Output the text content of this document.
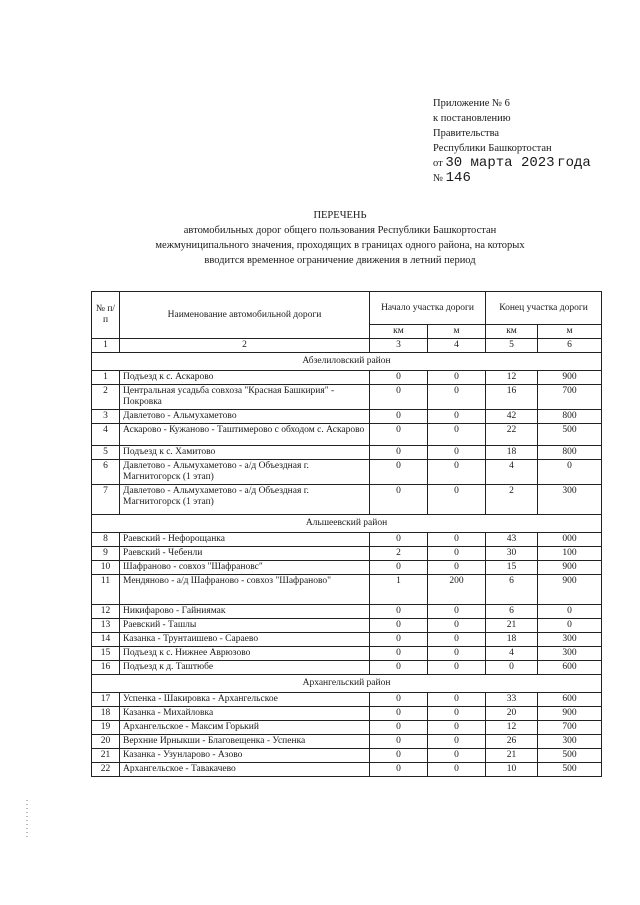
Приложение № 6
к постановлению
Правительства
Республики Башкортостан
от 30 марта 2023 года
№ 146
ПЕРЕЧЕНЬ
автомобильных дорог общего пользования Республики Башкортостан
межмуниципального значения, проходящих в границах одного района, на которых
вводится временное ограничение движения в летний период
№ п/п	Наименование автомобильной дороги	Начало участка дороги		Конец участка дороги	
		км	м	км	м
1	2	3	4	5	6
Абзелиловский район					
1	Подъезд к с. Аскарово	0	0	12	900
2	Центральная усадьба совхоза "Красная Башкирия" - Покровка	0	0	16	700
3	Давлетово - Альмухаметово	0	0	42	800
4	Аскарово - Кужаново - Таштимерово с обходом с. Аскарово	0	0	22	500
5	Подъезд к с. Хамитово	0	0	18	800
6	Давлетово - Альмухаметово - а/д Объездная г. Магнитогорск (1 этап)	0	0	4	0
7	Давлетово - Альмухаметово - а/д Объездная г. Магнитогорск (1 этап)	0	0	2	300
Альшеевский район					
8	Раевский - Нефорощанка	0	0	43	000
9	Раевский - Чебенли	2	0	30	100
10	Шафраново - совхоз "Шафрановс"	0	0	15	900
11	Мендяново - а/д Шафраново - совхоз "Шафраново"	1	200	6	900
12	Никифарово - Гайниямак	0	0	6	0
13	Раевский - Ташлы	0	0	21	0
14	Казанка - Трунтаишево - Сараево	0	0	18	300
15	Подъезд к с. Нижнее Аврюзово	0	0	4	300
16	Подъезд к д. Таштюбе	0	0	0	600
Архангельский район					
17	Успенка - Шакировка - Архангельское	0	0	33	600
18	Казанка - Михайловка	0	0	20	900
19	Архангельское - Максим Горький	0	0	12	700
20	Верхние Ирныкши - Благовещенка - Успенка	0	0	26	300
21	Казанка - Узунларово - Азово	0	0	21	500
22	Архангельское - Тавакачево	0	0	10	500
